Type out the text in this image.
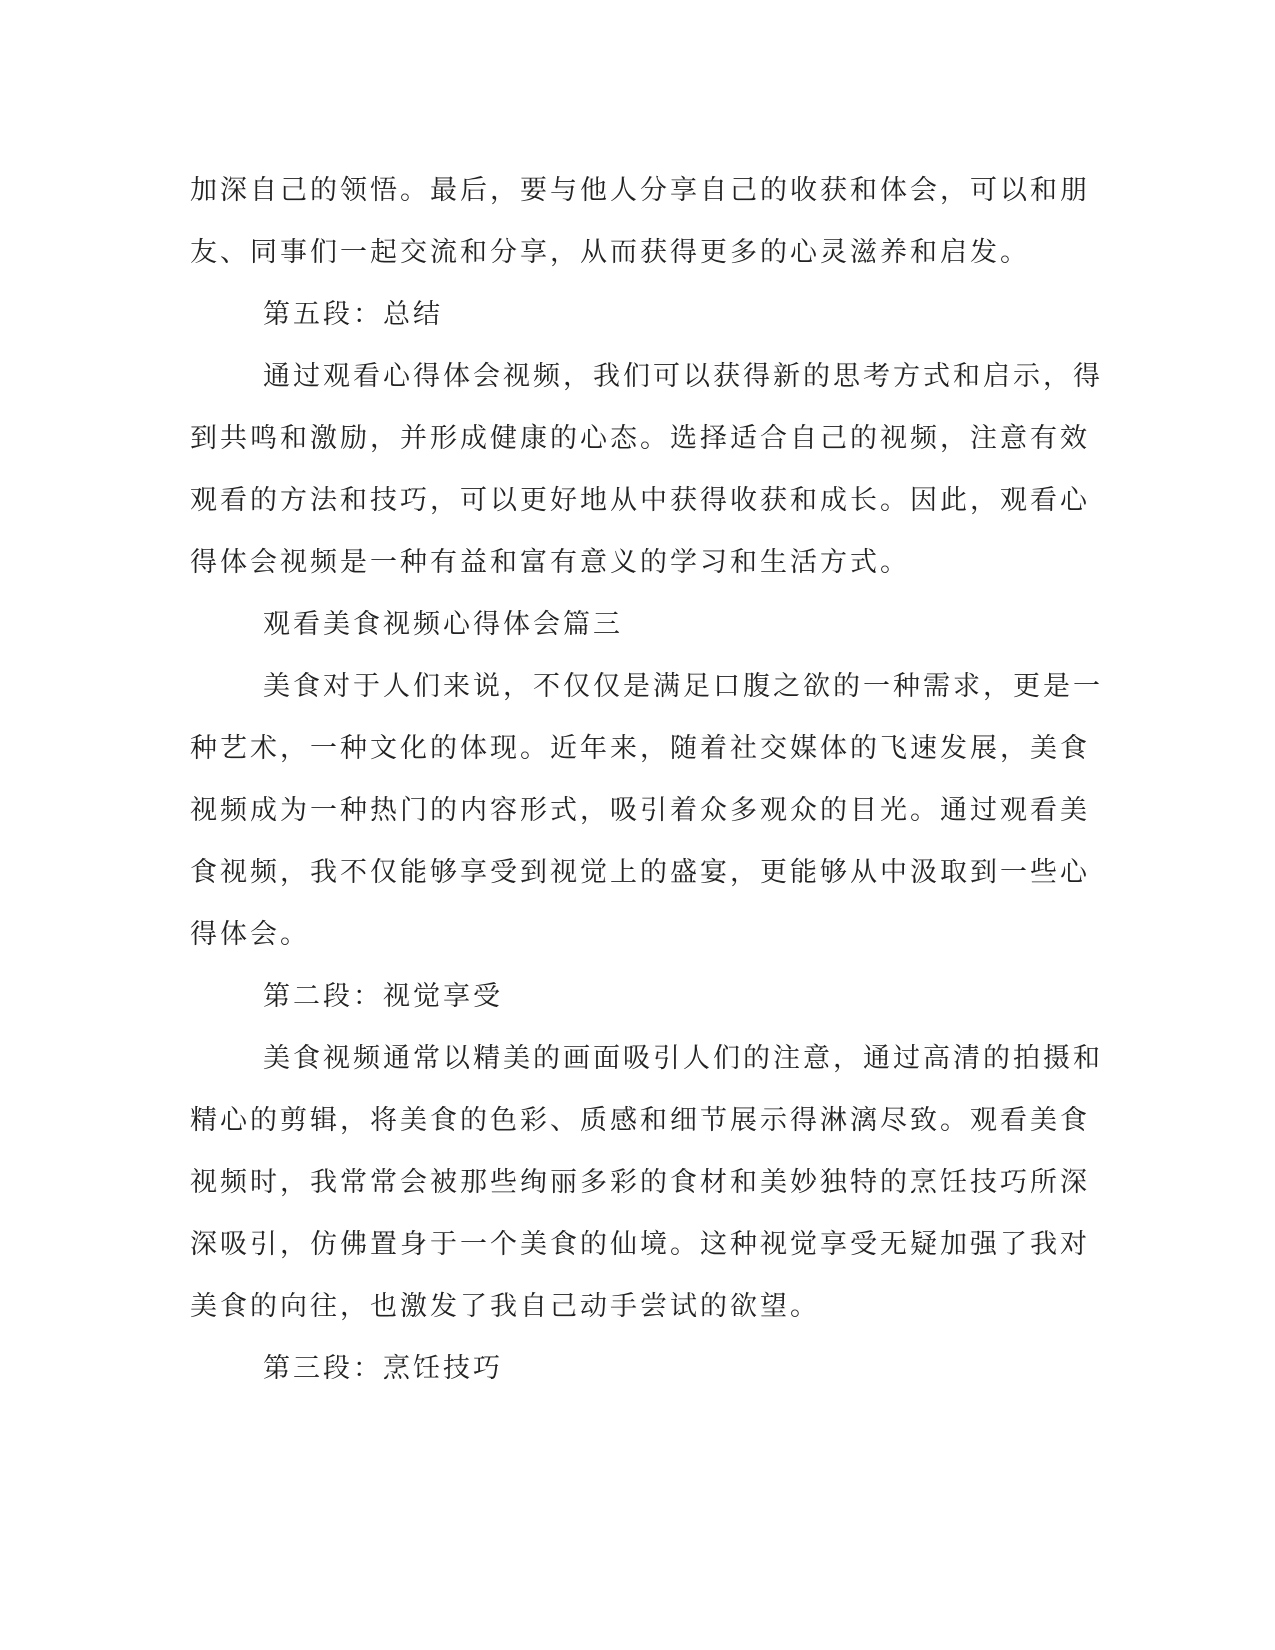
加深自己的领悟。最后，要与他人分享自己的收获和体会，可以和朋
友、同事们一起交流和分享，从而获得更多的心灵滋养和启发。
第五段：总结
通过观看心得体会视频，我们可以获得新的思考方式和启示，得
到共鸣和激励，并形成健康的心态。选择适合自己的视频，注意有效
观看的方法和技巧，可以更好地从中获得收获和成长。因此，观看心
得体会视频是一种有益和富有意义的学习和生活方式。
观看美食视频心得体会篇三
美食对于人们来说，不仅仅是满足口腹之欲的一种需求，更是一
种艺术，一种文化的体现。近年来，随着社交媒体的飞速发展，美食
视频成为一种热门的内容形式，吸引着众多观众的目光。通过观看美
食视频，我不仅能够享受到视觉上的盛宴，更能够从中汲取到一些心
得体会。
第二段：视觉享受
美食视频通常以精美的画面吸引人们的注意，通过高清的拍摄和
精心的剪辑，将美食的色彩、质感和细节展示得淋漓尽致。观看美食
视频时，我常常会被那些绚丽多彩的食材和美妙独特的烹饪技巧所深
深吸引，仿佛置身于一个美食的仙境。这种视觉享受无疑加强了我对
美食的向往，也激发了我自己动手尝试的欲望。
第三段：烹饪技巧
